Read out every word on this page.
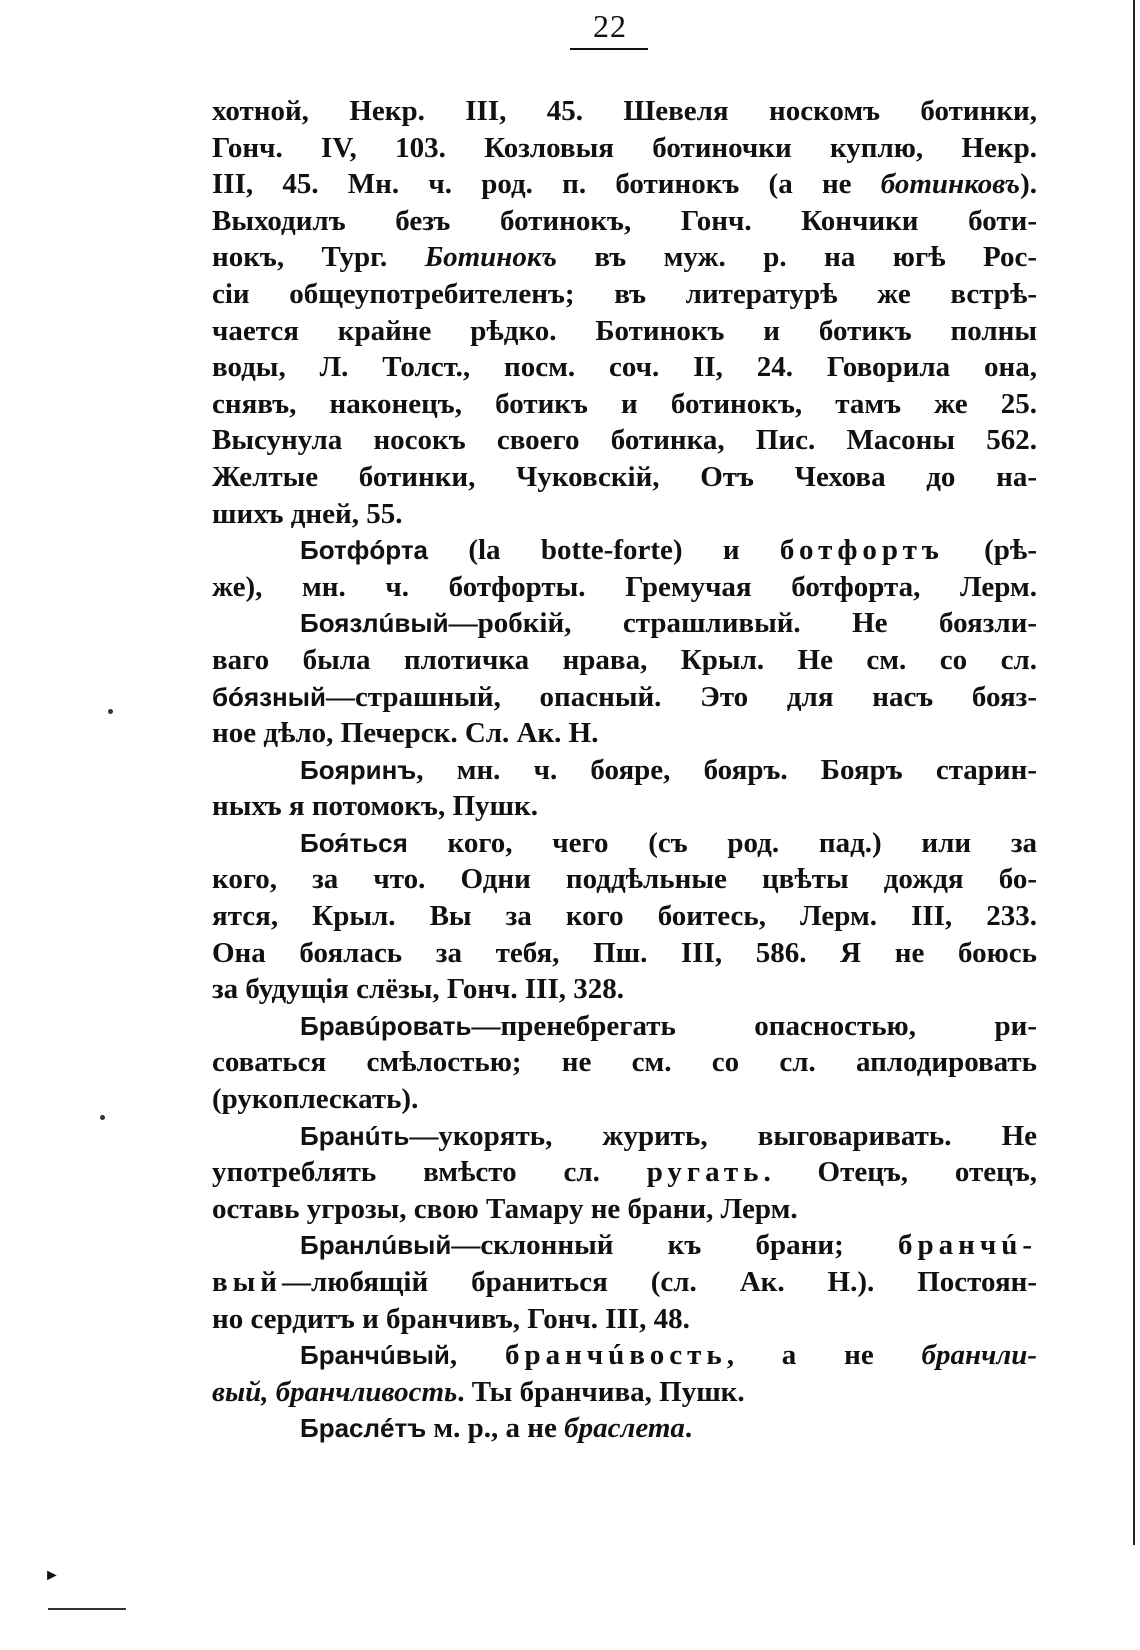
22
►
хотной, Некр. III, 45. Шевеля носкомъ ботинки,
Гонч. IV, 103. Козловыя ботиночки куплю, Некр.
III, 45. Мн. ч. род. п. ботинокъ (а не ботинковъ).
Выходилъ безъ ботинокъ, Гонч. Кончики боти-
нокъ, Тург. Ботинокъ въ муж. р. на югѣ Рос-
сіи общеупотребителенъ; въ литературѣ же встрѣ-
чается крайне рѣдко. Ботинокъ и ботикъ полны
воды, Л. Толст., посм. соч. II, 24. Говорила она,
снявъ, наконецъ, ботикъ и ботинокъ, тамъ же 25.
Высунула носокъ своего ботинка, Пис. Масоны 562.
Желтые ботинки, Чуковскій, Отъ Чехова до на-
шихъ дней, 55.
Ботфóрта (la botte-forte) и ботфортъ (рѣ-
же), мн. ч. ботфорты. Гремучая ботфорта, Лерм.
Боязлúвый—робкій, страшливый. Не боязли-
ваго была плотичка нрава, Крыл. Не см. со сл.
бóязный—страшный, опасный. Это для насъ бояз-
ное дѣло, Печерск. Сл. Ак. Н.
Бoяринъ, мн. ч. бояре, бояръ. Бояръ старин-
ныхъ я потомокъ, Пушк.
Боя́ться кого, чего (съ род. пад.) или за
кого, за что. Одни поддѣльные цвѣты дождя бо-
ятся, Крыл. Вы за кого боитесь, Лерм. III, 233.
Она боялась за тебя, Пш. III, 586. Я не боюсь
за будущія слёзы, Гонч. III, 328.
Бравúровать—пренебрегать опасностью, ри-
соваться смѣлостью; не см. со сл. аплодировать
(рукоплескать).
Бранúть—укорять, журить, выговаривать. Не
употреблять вмѣсто сл. ругать. Отецъ, отецъ,
оставь угрозы, свою Тамару не брани, Лерм.
Бранлúвый—склонный къ брани; бранчú-
вый—любящій браниться (сл. Ак. Н.). Постоян-
но сердитъ и бранчивъ, Гонч. III, 48.
Бранчúвый, бранчúвость, а не бранчли-
вый, бранчливость. Ты бранчива, Пушк.
Браслéтъ м. р., а не браслета.
